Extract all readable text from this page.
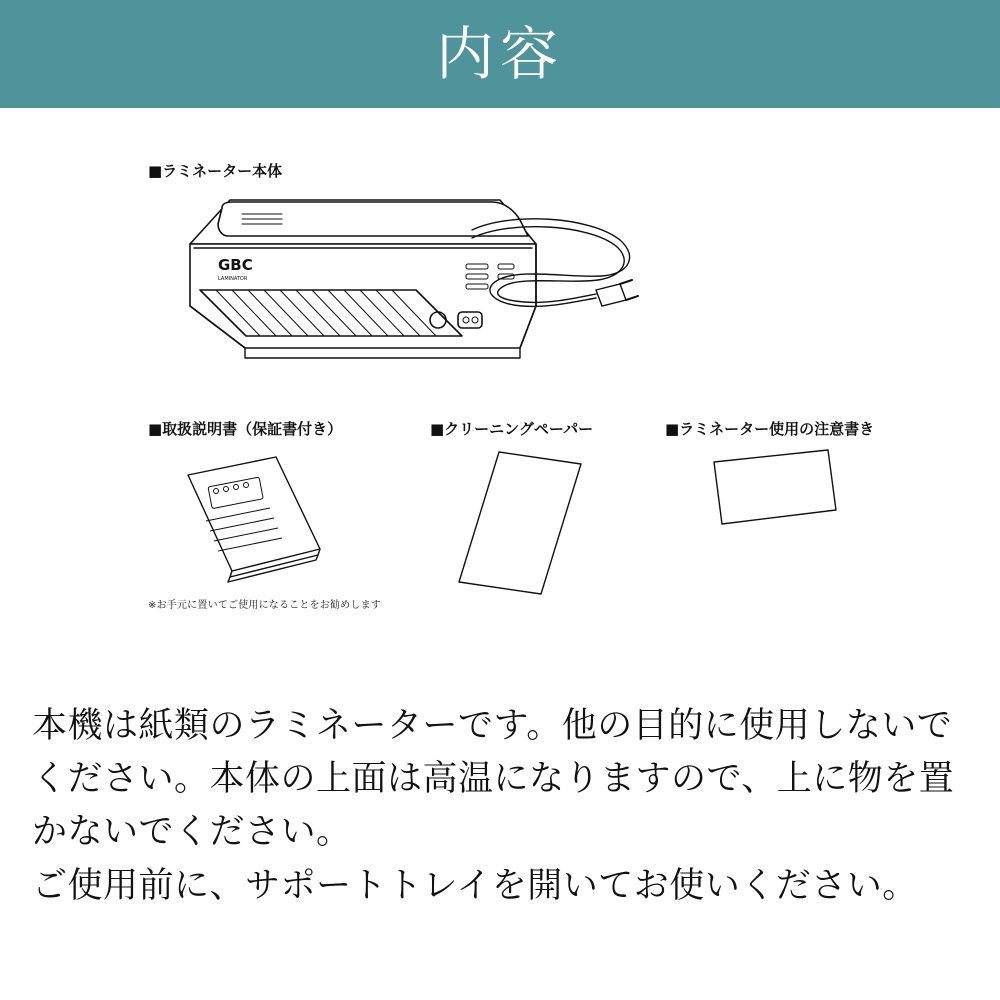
内容
■ラミネーター本体
■取扱説明書（保証書付き）	■クリーニングペーパー	■ラミネーター使用の注意書き
GBC
LAMINATOR
※お手元に置いてご使用になることをお勧めします

本機は紙類のラミネーターです。他の目的に使用しないでください。本体の上面は高温になりますので、上に物を置かないでください。

ご使用前に、サポートトレイを開いてお使いください。
